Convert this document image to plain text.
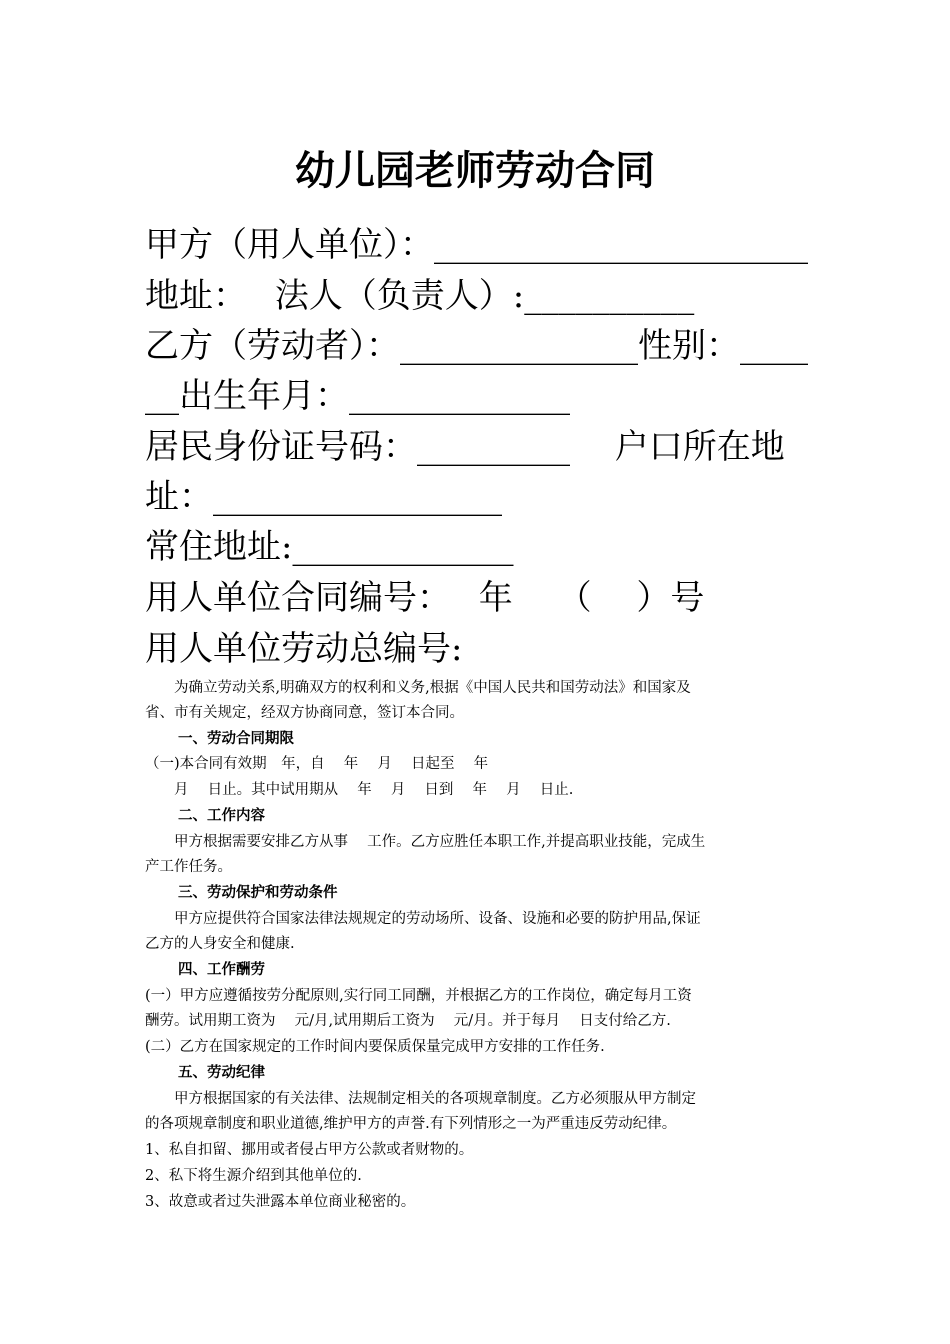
幼儿园老师劳动合同
甲方（用人单位）：______________________
地址：　 法人（负责人）:__________
乙方（劳动者）：______________性别：____
__出生年月：_____________
居民身份证号码：_________　 户口所在地
址：_________________
常住地址:_____________
用人单位合同编号：　 年　 （　 ）号
用人单位劳动总编号:
　　为确立劳动关系,明确双方的权利和义务,根据《中国人民共和国劳动法》和国家及
省、市有关规定，经双方协商同意，签订本合同。
一、劳动合同期限
（一)本合同有效期　年，自　 年　 月　 日起至　 年
　　月　 日止。其中试用期从　 年　 月　 日到　 年　 月　 日止.
二、工作内容
　　甲方根据需要安排乙方从事　 工作。乙方应胜任本职工作,并提高职业技能，完成生
产工作任务。
三、劳动保护和劳动条件
　　甲方应提供符合国家法律法规规定的劳动场所、设备、设施和必要的防护用品,保证
乙方的人身安全和健康.
四、工作酬劳
(一）甲方应遵循按劳分配原则,实行同工同酬，并根据乙方的工作岗位，确定每月工资
酬劳。试用期工资为　 元/月,试用期后工资为　 元/月。并于每月　 日支付给乙方.
(二）乙方在国家规定的工作时间内要保质保量完成甲方安排的工作任务.
五、劳动纪律
　　甲方根据国家的有关法律、法规制定相关的各项规章制度。乙方必须服从甲方制定
的各项规章制度和职业道德,维护甲方的声誉.有下列情形之一为严重违反劳动纪律。
1、私自扣留、挪用或者侵占甲方公款或者财物的。
2、私下将生源介绍到其他单位的.
3、故意或者过失泄露本单位商业秘密的。
